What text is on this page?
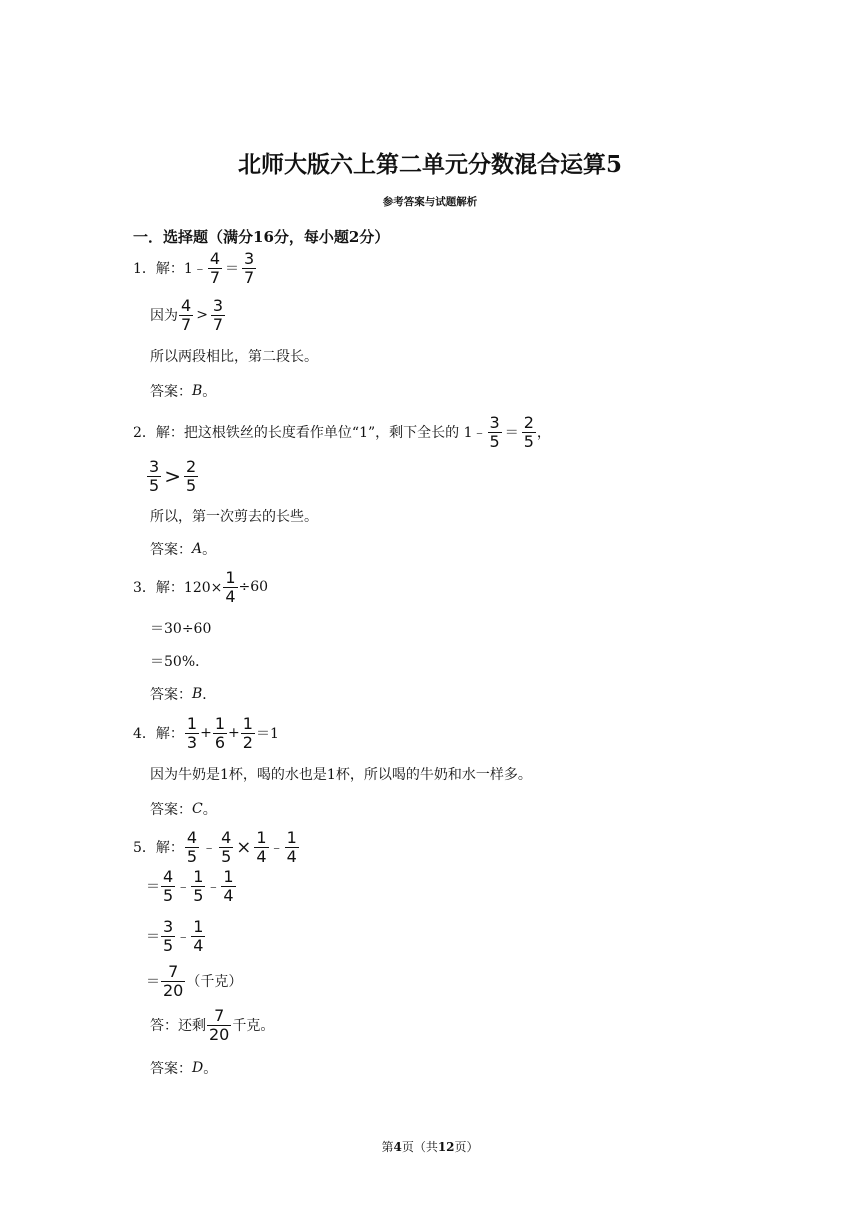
北师大版六上第二单元分数混合运算5
参考答案与试题解析
一．选择题（满分16分，每小题2分）
1．解：1﹣ $\frac{4}{7} = \frac{3}{7}$
因为 $\frac{4}{7} > \frac{3}{7}$
所以两段相比，第二段长。
答案： B 。
2．解：把这根铁丝的长度看作单位“1”，剩下全长的 1﹣ $\frac{3}{5} = \frac{2}{5}$ ，
$\frac{3}{5} > \frac{2}{5}$
所以，第一次剪去的长些。
答案： A 。
3．解：$120\times \frac{1}{4} \div 60$
＝30÷60
＝50%．
答案： B ．
4．解： $\frac{1}{3} + \frac{1}{6} + \frac{1}{2} =1$
因为牛奶是1杯，喝的水也是1杯，所以喝的牛奶和水一样多。
答案： C 。
5．解： $\frac{4}{5}$ ﹣ $\frac{4}{5} \times \frac{1}{4}$ ﹣ $\frac{1}{4}$
＝ $\frac{4}{5}$ ﹣ $\frac{1}{5}$ ﹣ $\frac{1}{4}$
＝ $\frac{3}{5}$ ﹣ $\frac{1}{4}$
＝ $\frac{7}{20}$ （千克）
答：还剩 $\frac{7}{20}$ 千克。
答案： D 。
第4页（共12页）
